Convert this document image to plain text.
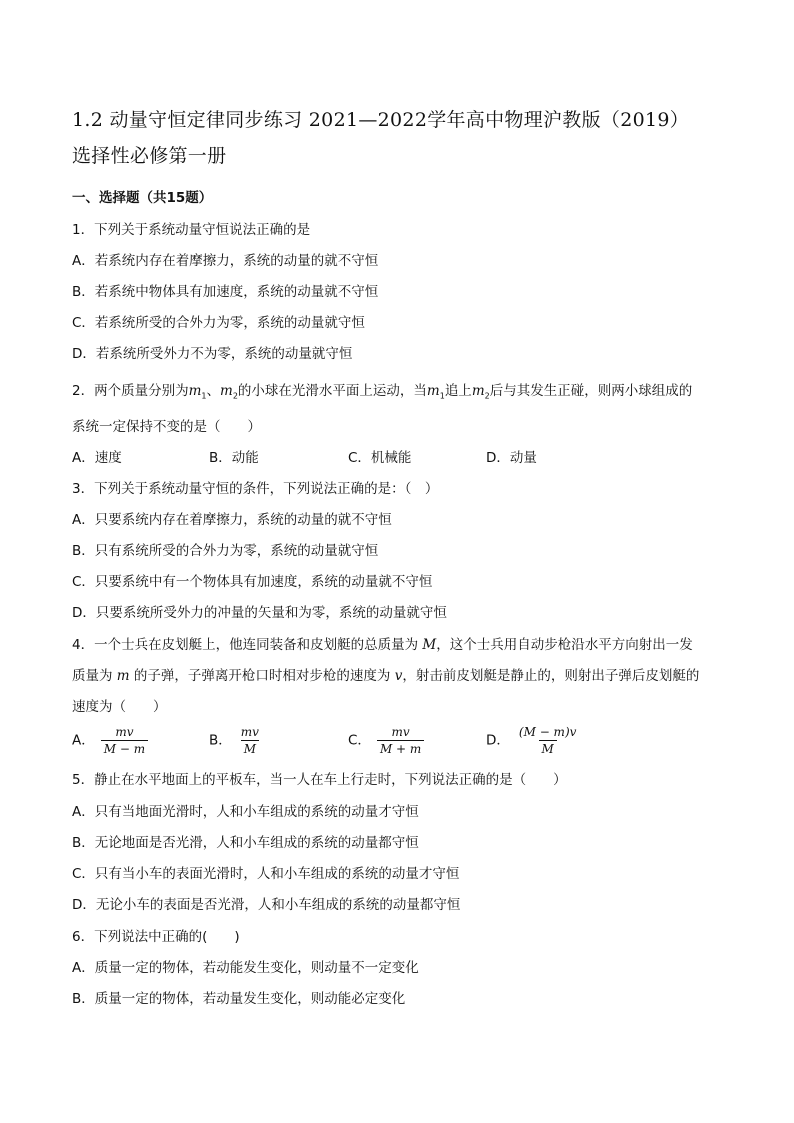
1.2 动量守恒定律同步练习 2021—2022学年高中物理沪教版（2019）
选择性必修第一册
一、选择题（共15题）
1．下列关于系统动量守恒说法正确的是
A．若系统内存在着摩擦力，系统的动量的就不守恒
B．若系统中物体具有加速度，系统的动量就不守恒
C．若系统所受的合外力为零，系统的动量就守恒
D．若系统所受外力不为零，系统的动量就守恒
2．两个质量分别为$m_1$、$m_2$的小球在光滑水平面上运动，当$m_1$追上$m_2$后与其发生正碰，则两小球组成的
系统一定保持不变的是（　　）
A．速度	B．动能	C．机械能	D．动量
3．下列关于系统动量守恒的条件，下列说法正确的是：（　）
A．只要系统内存在着摩擦力，系统的动量的就不守恒
B．只有系统所受的合外力为零，系统的动量就守恒
C．只要系统中有一个物体具有加速度，系统的动量就不守恒
D．只要系统所受外力的冲量的矢量和为零，系统的动量就守恒
4．一个士兵在皮划艇上，他连同装备和皮划艇的总质量为 M，这个士兵用自动步枪沿水平方向射出一发
质量为 m 的子弹，子弹离开枪口时相对步枪的速度为 v，射击前皮划艇是静止的，则射出子弹后皮划艇的
速度为（　　）
A． $\frac{mv}{M - m}$	B． $\frac{mv}{M}$	C． $\frac{mv}{M + m}$	D． $\frac{(M - m)v}{M}$
5．静止在水平地面上的平板车，当一人在车上行走时，下列说法正确的是（　　）
A．只有当地面光滑时，人和小车组成的系统的动量才守恒
B．无论地面是否光滑，人和小车组成的系统的动量都守恒
C．只有当小车的表面光滑时，人和小车组成的系统的动量才守恒
D．无论小车的表面是否光滑，人和小车组成的系统的动量都守恒
6．下列说法中正确的(　　)
A．质量一定的物体，若动能发生变化，则动量不一定变化
B．质量一定的物体，若动量发生变化，则动能必定变化
